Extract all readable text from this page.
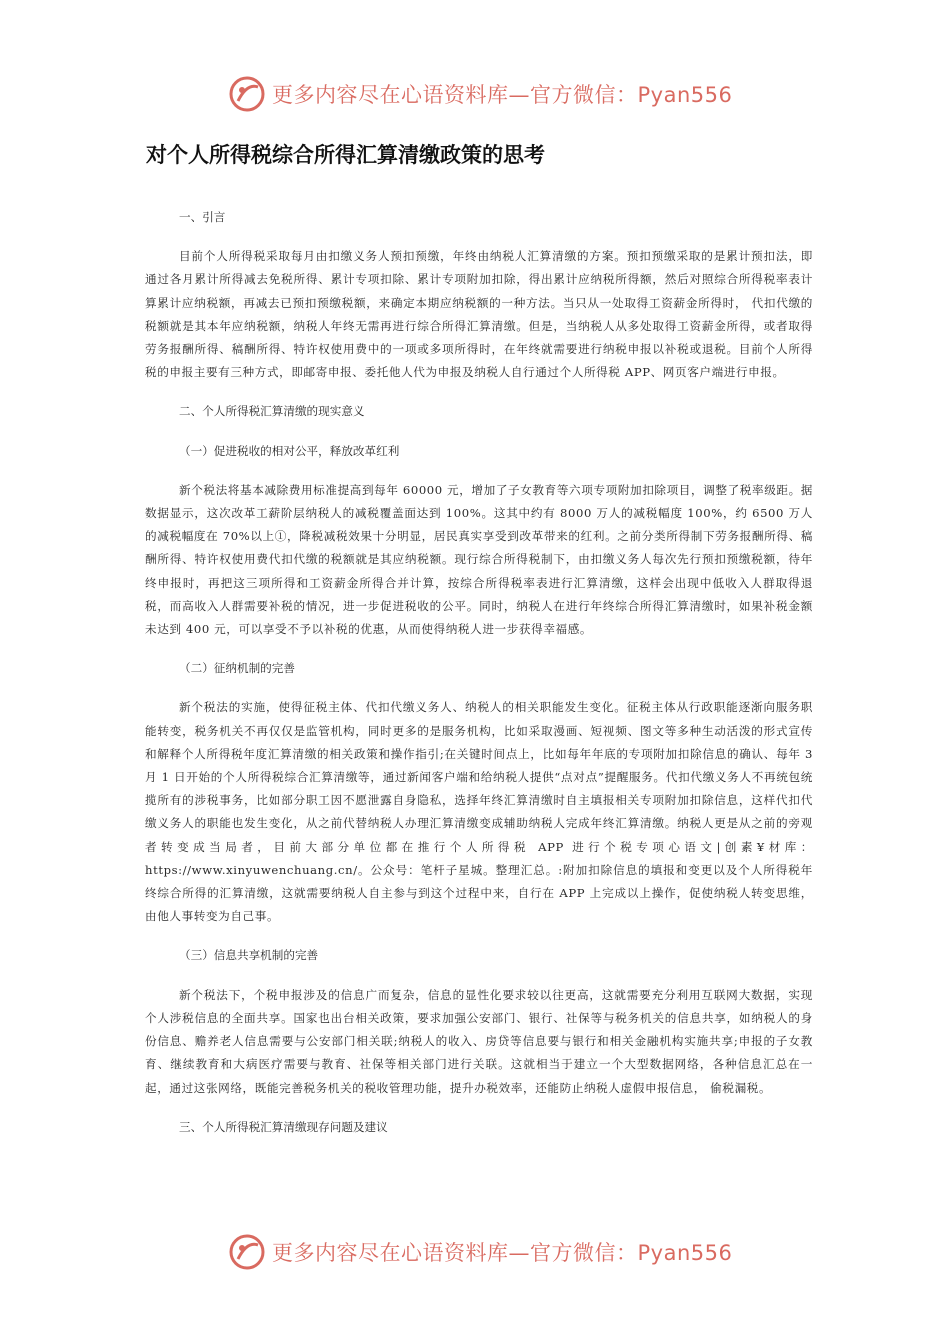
更多内容尽在心语资料库—官方微信：Pyan556
对个人所得税综合所得汇算清缴政策的思考

一、引言

目前个人所得税采取每月由扣缴义务人预扣预缴，年终由纳税人汇算清缴的方案。预扣预缴采取的是累计预扣法，即通过各月累计所得减去免税所得、累计专项扣除、累计专项附加扣除，得出累计应纳税所得额，然后对照综合所得税率表计算累计应纳税额，再减去已预扣预缴税额，来确定本期应纳税额的一种方法。当只从一处取得工资薪金所得时， 代扣代缴的税额就是其本年应纳税额，纳税人年终无需再进行综合所得汇算清缴。但是，当纳税人从多处取得工资薪金所得，或者取得劳务报酬所得、稿酬所得、特许权使用费中的一项或多项所得时，在年终就需要进行纳税申报以补税或退税。目前个人所得税的申报主要有三种方式，即邮寄申报、委托他人代为申报及纳税人自行通过个人所得税 APP、网页客户端进行申报。

二、个人所得税汇算清缴的现实意义

（一）促进税收的相对公平，释放改革红利

新个税法将基本减除费用标准提高到每年 60000 元，增加了子女教育等六项专项附加扣除项目，调整了税率级距。据数据显示，这次改革工薪阶层纳税人的减税覆盖面达到 100%。这其中约有 8000 万人的减税幅度 100%，约 6500 万人的减税幅度在 70%以上①，降税减税效果十分明显，居民真实享受到改革带来的红利。之前分类所得制下劳务报酬所得、稿酬所得、特许权使用费代扣代缴的税额就是其应纳税额。现行综合所得税制下，由扣缴义务人每次先行预扣预缴税额，待年终申报时，再把这三项所得和工资薪金所得合并计算，按综合所得税率表进行汇算清缴，这样会出现中低收入人群取得退税，而高收入人群需要补税的情况，进一步促进税收的公平。同时，纳税人在进行年终综合所得汇算清缴时，如果补税金额未达到 400 元，可以享受不予以补税的优惠，从而使得纳税人进一步获得幸福感。

（二）征纳机制的完善

新个税法的实施，使得征税主体、代扣代缴义务人、纳税人的相关职能发生变化。征税主体从行政职能逐渐向服务职能转变，税务机关不再仅仅是监管机构，同时更多的是服务机构，比如采取漫画、短视频、图文等多种生动活泼的形式宣传和解释个人所得税年度汇算清缴的相关政策和操作指引;在关键时间点上，比如每年年底的专项附加扣除信息的确认、每年 3 月 1 日开始的个人所得税综合汇算清缴等，通过新闻客户端和给纳税人提供“点对点”提醒服务。代扣代缴义务人不再统包统揽所有的涉税事务，比如部分职工因不愿泄露自身隐私，选择年终汇算清缴时自主填报相关专项附加扣除信息，这样代扣代缴义务人的职能也发生变化，从之前代替纳税人办理汇算清缴变成辅助纳税人完成年终汇算清缴。纳税人更是从之前的旁观者转变成当局者，目前大部分单位都在推行个人所得税 APP 进行个税专项心语文|创素¥材库：https://www.xinyuwenchuang.cn/。公众号：笔杆子星城。整理汇总。:附加扣除信息的填报和变更以及个人所得税年终综合所得的汇算清缴，这就需要纳税人自主参与到这个过程中来，自行在 APP 上完成以上操作，促使纳税人转变思维，由他人事转变为自己事。

（三）信息共享机制的完善

新个税法下，个税申报涉及的信息广而复杂，信息的显性化要求较以往更高，这就需要充分利用互联网大数据，实现个人涉税信息的全面共享。国家也出台相关政策，要求加强公安部门、银行、社保等与税务机关的信息共享，如纳税人的身份信息、赡养老人信息需要与公安部门相关联;纳税人的收入、房贷等信息要与银行和相关金融机构实施共享;申报的子女教育、继续教育和大病医疗需要与教育、社保等相关部门进行关联。这就相当于建立一个大型数据网络，各种信息汇总在一起，通过这张网络，既能完善税务机关的税收管理功能，提升办税效率，还能防止纳税人虚假申报信息， 偷税漏税。

三、个人所得税汇算清缴现存问题及建议

更多内容尽在心语资料库—官方微信：Pyan556
